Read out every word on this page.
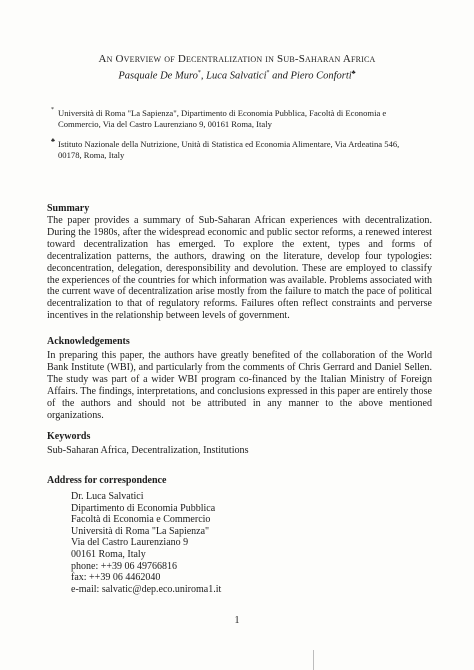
An Overview of Decentralization in Sub-Saharan Africa
Pasquale De Muro*, Luca Salvatici* and Piero Conforti♣
* Università di Roma "La Sapienza", Dipartimento di Economia Pubblica, Facoltà di Economia e Commercio, Via del Castro Laurenziano 9, 00161 Roma, Italy
♣ Istituto Nazionale della Nutrizione, Unità di Statistica ed Economia Alimentare, Via Ardeatina 546, 00178, Roma, Italy
Summary

The paper provides a summary of Sub-Saharan African experiences with decentralization. During the 1980s, after the widespread economic and public sector reforms, a renewed interest toward decentralization has emerged. To explore the extent, types and forms of decentralization patterns, the authors, drawing on the literature, develop four typologies: deconcentration, delegation, deresponsibility and devolution. These are employed to classify the experiences of the countries for which information was available. Problems associated with the current wave of decentralization arise mostly from the failure to match the pace of political decentralization to that of regulatory reforms. Failures often reflect constraints and perverse incentives in the relationship between levels of government.

Acknowledgements

In preparing this paper, the authors have greatly benefited of the collaboration of the World Bank Institute (WBI), and particularly from the comments of Chris Gerrard and Daniel Sellen. The study was part of a wider WBI program co-financed by the Italian Ministry of Foreign Affairs. The findings, interpretations, and conclusions expressed in this paper are entirely those of the authors and should not be attributed in any manner to the above mentioned organizations.

Keywords

Sub-Saharan Africa, Decentralization, Institutions

Address for correspondence
Dr. Luca Salvatici
Dipartimento di Economia Pubblica
Facoltà di Economia e Commercio
Università di Roma "La Sapienza"
Via del Castro Laurenziano 9
00161 Roma, Italy
phone: ++39 06 49766816
fax: ++39 06 4462040
e-mail: salvatic@dep.eco.uniroma1.it
1
